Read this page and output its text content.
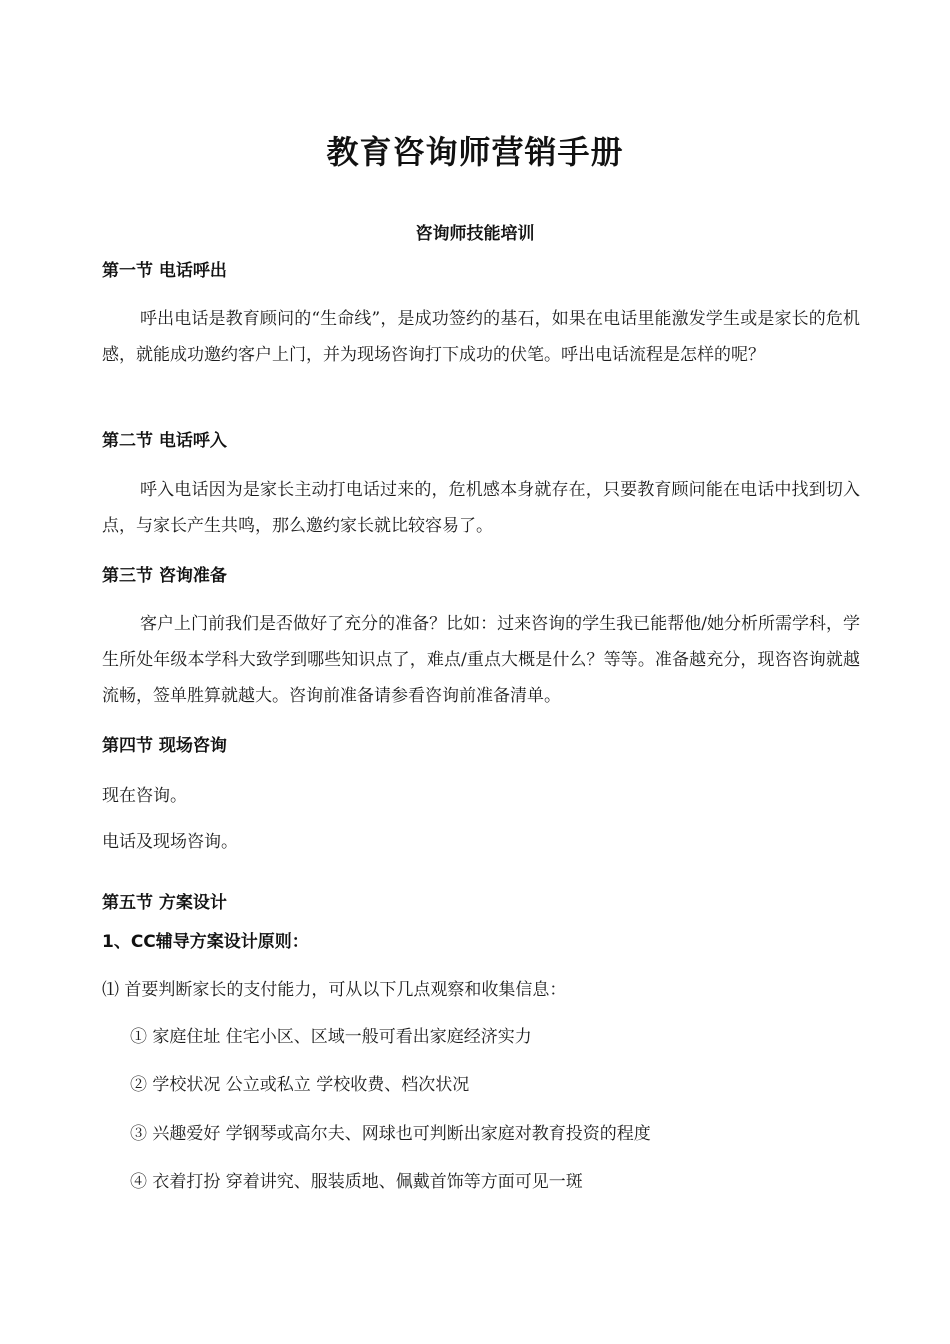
教育咨询师营销手册
咨询师技能培训
第一节 电话呼出
呼出电话是教育顾问的“生命线”，是成功签约的基石，如果在电话里能激发学生或是家长的危机感，就能成功邀约客户上门，并为现场咨询打下成功的伏笔。呼出电话流程是怎样的呢？
第二节 电话呼入
呼入电话因为是家长主动打电话过来的，危机感本身就存在，只要教育顾问能在电话中找到切入点，与家长产生共鸣，那么邀约家长就比较容易了。
第三节 咨询准备
客户上门前我们是否做好了充分的准备？比如：过来咨询的学生我已能帮他/她分析所需学科，学生所处年级本学科大致学到哪些知识点了，难点/重点大概是什么？等等。准备越充分，现咨咨询就越流畅，签单胜算就越大。咨询前准备请参看咨询前准备清单。
第四节 现场咨询
现在咨询。
电话及现场咨询。
第五节 方案设计
1、CC辅导方案设计原则：
⑴ 首要判断家长的支付能力，可从以下几点观察和收集信息：
① 家庭住址 住宅小区、区域一般可看出家庭经济实力
② 学校状况 公立或私立 学校收费、档次状况
③ 兴趣爱好 学钢琴或高尔夫、网球也可判断出家庭对教育投资的程度
④ 衣着打扮 穿着讲究、服装质地、佩戴首饰等方面可见一斑
